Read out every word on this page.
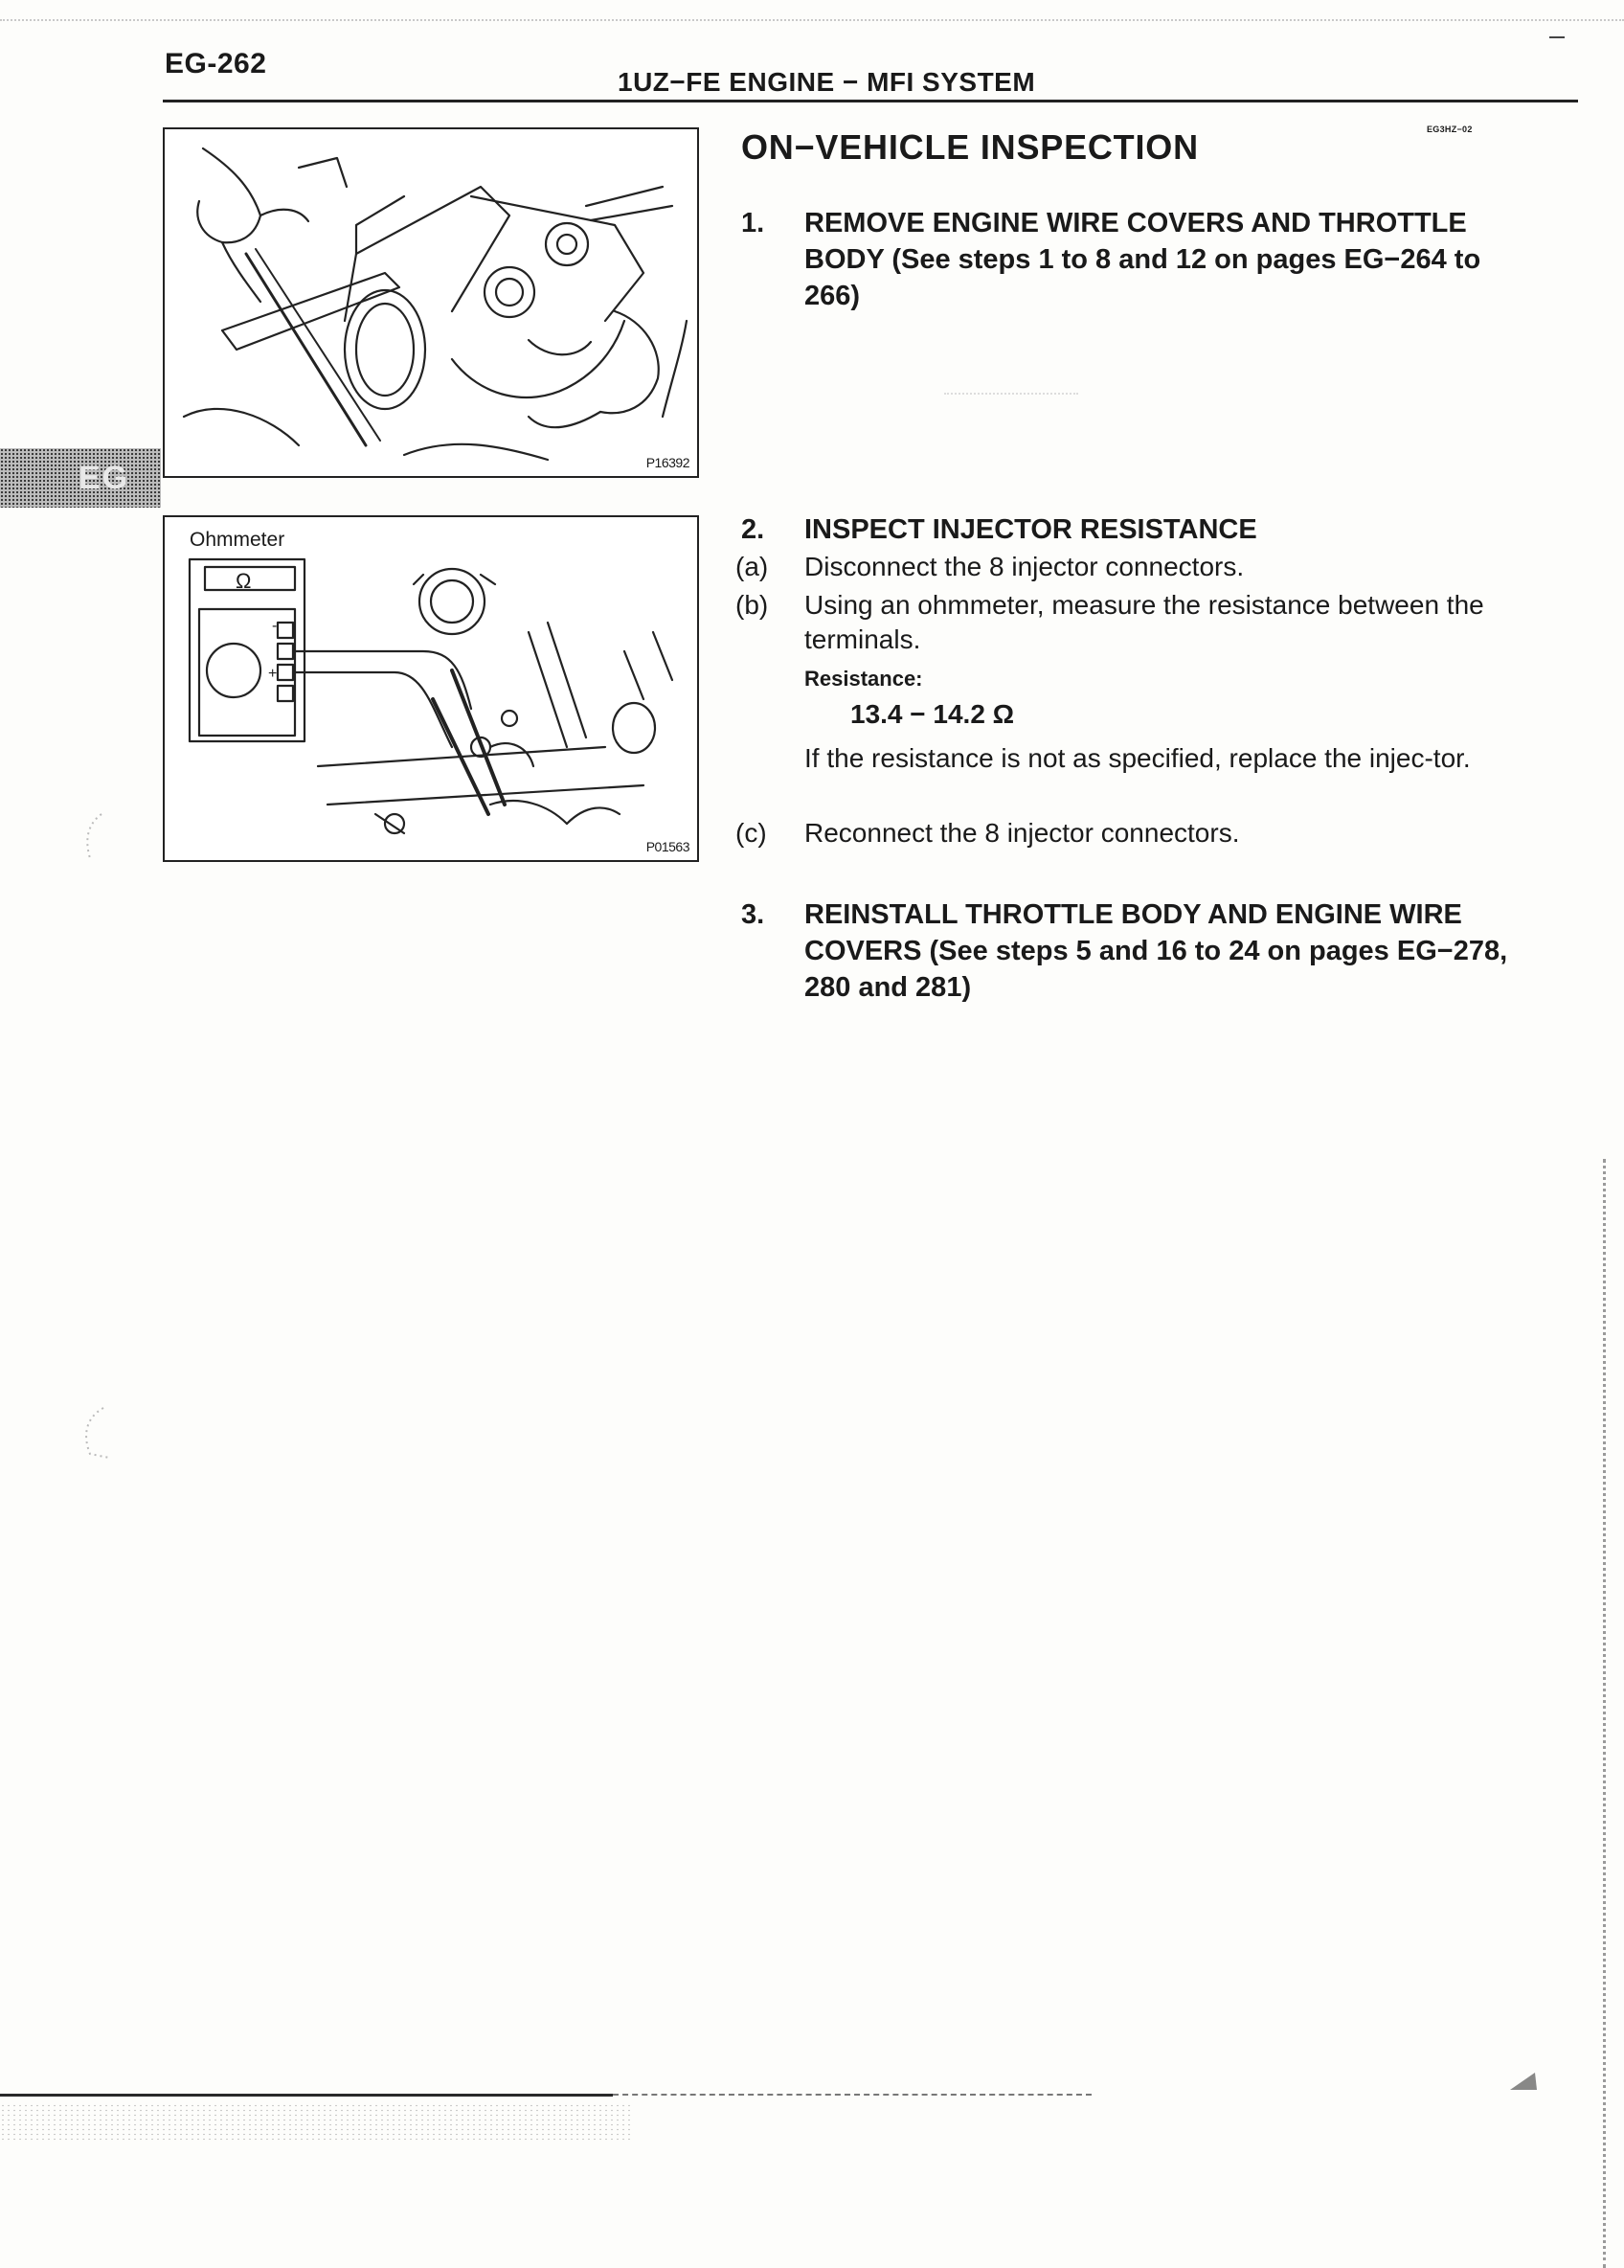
EG-262
1UZ−FE ENGINE − MFI SYSTEM
EG3HZ−02
EG	P16392
Ohmmeter
-
+
Ω
P01563
ON−VEHICLE INSPECTION
1.	REMOVE ENGINE WIRE COVERS AND THROTTLE BODY (See steps 1 to 8 and 12 on pages EG−264 to 266)
2.	INSPECT INJECTOR RESISTANCE
(a)	Disconnect the 8 injector connectors.
(b)	Using an ohmmeter, measure the resistance between the terminals.
Resistance:
13.4 − 14.2 Ω
If the resistance is not as specified, replace the injec-tor.
(c)	Reconnect the 8 injector connectors.
3.	REINSTALL THROTTLE BODY AND ENGINE WIRE COVERS (See steps 5 and 16 to 24 on pages EG−278, 280 and 281)
